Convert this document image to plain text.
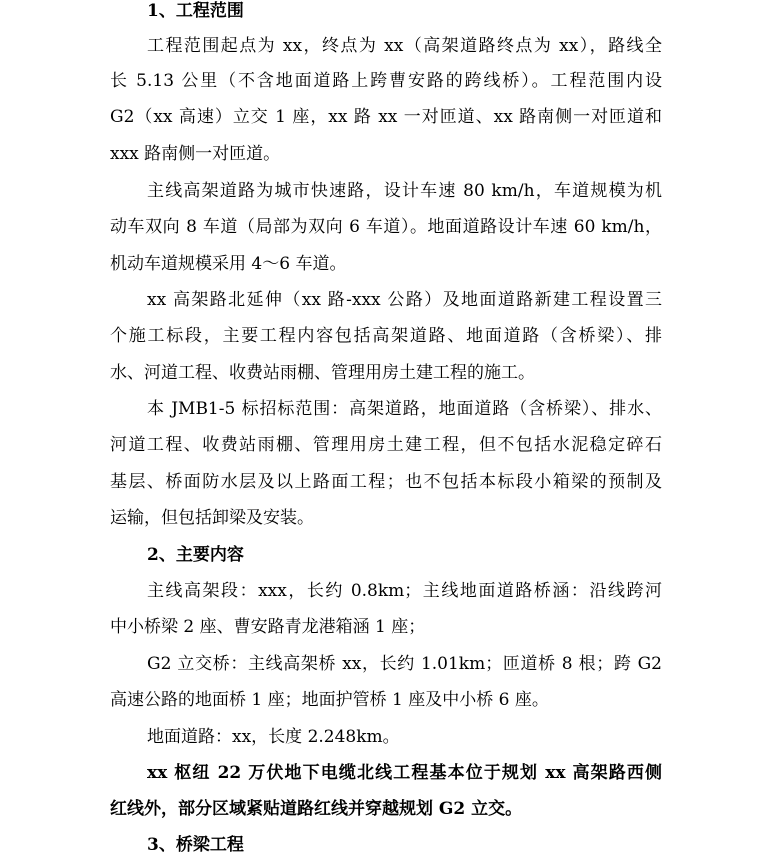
1、工程范围
工程范围起点为 xx，终点为 xx（高架道路终点为 xx），路线全
长 5.13 公里（不含地面道路上跨曹安路的跨线桥）。工程范围内设
G2（xx 高速）立交 1 座，xx 路 xx 一对匝道、xx 路南侧一对匝道和
xxx 路南侧一对匝道。
主线高架道路为城市快速路，设计车速 80 km/h，车道规模为机
动车双向 8 车道（局部为双向 6 车道）。地面道路设计车速 60 km/h，
机动车道规模采用 4～6 车道。
xx 高架路北延伸（xx 路-xxx 公路）及地面道路新建工程设置三
个施工标段，主要工程内容包括高架道路、地面道路（含桥梁）、排
水、河道工程、收费站雨棚、管理用房土建工程的施工。
本 JMB1-5 标招标范围：高架道路，地面道路（含桥梁）、排水、
河道工程、收费站雨棚、管理用房土建工程，但不包括水泥稳定碎石
基层、桥面防水层及以上路面工程；也不包括本标段小箱梁的预制及
运输，但包括卸梁及安装。
2、主要内容
主线高架段：xxx，长约 0.8km；主线地面道路桥涵：沿线跨河
中小桥梁 2 座、曹安路青龙港箱涵 1 座；
G2 立交桥：主线高架桥 xx，长约 1.01km；匝道桥 8 根；跨 G2
高速公路的地面桥 1 座；地面护管桥 1 座及中小桥 6 座。
地面道路：xx，长度 2.248km。
xx 枢纽 22 万伏地下电缆北线工程基本位于规划 xx 高架路西侧
红线外，部分区域紧贴道路红线并穿越规划 G2 立交。
3、桥梁工程
